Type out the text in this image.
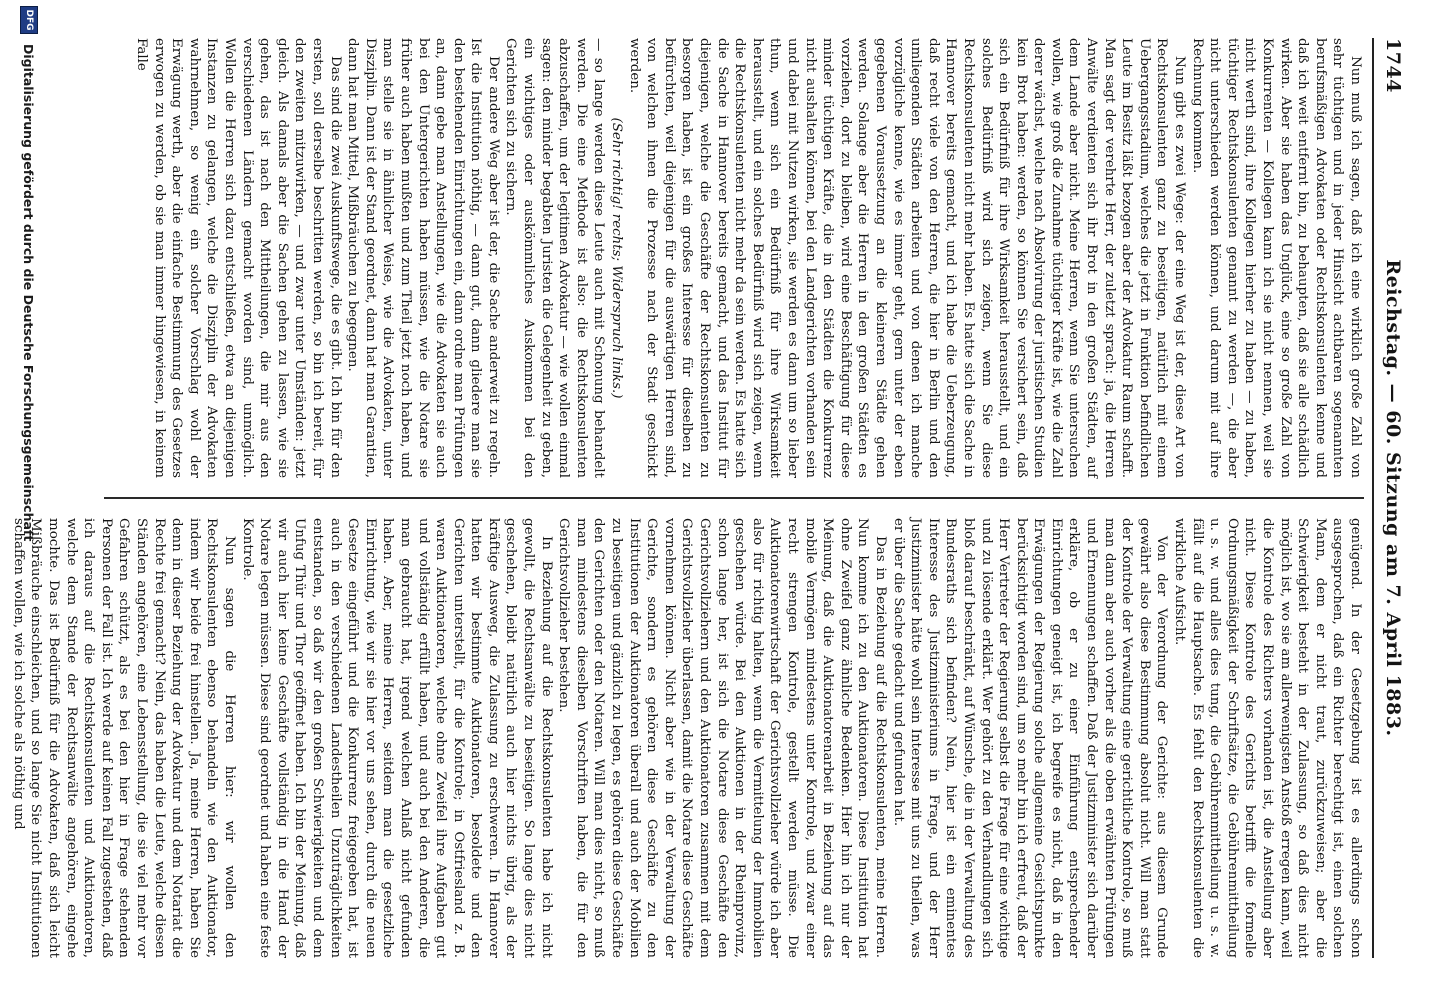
1744
Reichstag. — 60. Sitzung am 7. April 1883.

Nun muß ich sagen, daß ich eine wirklich große Zahl von sehr tüchtigen und in jeder Hinsicht achtbaren sogenannten berufsmäßigen Advokaten oder Rechtskonsulenten kenne und daß ich weit entfernt bin, zu behaupten, daß sie alle schädlich wirken. Aber sie haben das Unglück, eine so große Zahl von Konkurrenten — Kollegen kann ich sie nicht nennen, weil sie nicht werth sind, ihre Kollegen hierher zu haben — zu haben, tüchtiger Rechtskonsulenten genannt zu werden —, die aber nicht unterschieden werden können, und darum mit auf ihre Rechnung kommen.

Nun gibt es zwei Wege: der eine Weg ist der, diese Art von Rechtskonsulenten ganz zu beseitigen, natürlich mit einem Uebergangsstadium, welches die jetzt in Funktion befindlichen Leute im Besitz läßt bezogen aber der Advokatur Raum schafft. Man sagt der verehrte Herr, der zuletzt sprach: ja, die Herren Anwälte verdienten sich ihr Brot in den großen Städten, auf dem Lande aber nicht. Meine Herren, wenn Sie untersuchen wollen, wie groß die Zunahme tüchtiger Kräfte ist, wie die Zahl derer wächst, welche nach Absolvirung der juristischen Studien kein Brot haben: werden, so können Sie versichert sein, daß sich ein Bedürfniß für ihre Wirksamkeit herausstellt, und ein solches Bedürfniß wird sich zeigen, wenn Sie diese Rechtskonsulenten nicht mehr haben. Es hatte sich die Sache in Hannover bereits gemacht, und ich habe die Ueberzeugung, daß recht viele von den Herren, die hier in Berlin und den umliegenden Städten arbeiten und von denen ich manche vorzügliche kenne, wie es immer geht, gern unter der eben gegebenen Voraussetzung an die kleineren Städte gehen werden. Solange aber die Herren in den großen Städten es vorziehen, dort zu bleiben, wird eine Beschäftigung für diese minder tüchtigen Kräfte, die in den Städten die Konkurrenz nicht aushalten können, bei den Landgerichten vorhanden sein und dabei mit Nutzen wirken, sie werden es dann um so lieber thun, wenn sich ein Bedürfniß für ihre Wirksamkeit herausstellt, und ein solches Bedürfniß wird sich zeigen, wenn die Rechtskonsulenten nicht mehr da sein werden. Es hatte sich die Sache in Hannover bereits gemacht, und das Institut für diejenigen, welche die Geschäfte der Rechtskonsulenten zu besorgen haben, ist ein großes Interesse für dieselben zu befürchten, weil diejenigen für die auswärtigen Herren sind, von welchen ihnen die Prozesse nach der Stadt geschickt werden.

(Sehr richtig! rechts; Widerspruch links.)

— so lange werden diese Leute auch mit Schonung behandelt werden. Die eine Methode ist also: die Rechtskonsulenten abzuschaffen, um der legitimen Advokatur — wie wollen einmal sagen: den minder begabten Juristen die Gelegenheit zu geben, ein wichtiges oder auskömmliches Auskommen bei den Gerichten sich zu sichern.

Der andere Weg aber ist der, die Sache anderweit zu regeln. Ist die Institution nöthig, — dann gut, dann gliedere man sie den bestehenden Einrichtungen ein, dann ordne man Prüfungen an, dann gebe man Anstellungen, wie die Advokaten sie auch bei den Untergerichten haben müssen, wie die Notare sie früher auch haben mußten und zum Theil jetzt noch haben, und man stelle sie in ähnlicher Weise, wie die Advokaten, unter Disziplin. Dann ist der Stand geordnet, dann hat man Garantien, dann hat man Mittel, Mißbräuchen zu begegnen.

Das sind die zwei Auskunftswege, die es gibt. Ich bin für den ersten, soll derselbe beschritten werden, so bin ich bereit, für den zweiten mitzuwirken, — und zwar unter Umständen: jetzt gleich. Als damals aber die Sachen gehen zu lassen, wie sie gehen, das ist nach den Mittheilungen, die mir aus den verschiedenen Ländern gemacht worden sind, unmöglich. Wollen die Herren sich dazu entschließen, etwa an diejenigen Instanzen zu gelangen, welche die Disziplin der Advokaten wahrnehmen, so wenig ein solcher Vorschlag wohl der Erwägung werth, aber die einfache Bestimmung des Gesetzes erwogen zu werden, ob sie man immer hingewiesen, in keinem Falle

genügend. In der Gesetzgebung ist es allerdings schon ausgesprochen, daß ein Richter berechtigt ist, einen solchen Mann, dem er nicht traut, zurückzuweisen; aber die Schwierigkeit besteht in der Zulassung, so daß dies nicht möglich ist, wo sie am allerwenigsten Anstoß erregen kann, weil die Kontrole des Richters vorhanden ist, die Anstellung aber nicht. Diese Kontrole des Gerichts betrifft die formelle Ordnungsmäßigkeit der Schriftsätze, die Gebührenmittheilung u. s. w. und alles dies tung, die Gebührenmittheilung u. s. w. fällt auf die Hauptsache. Es fehlt den Rechtskonsulenten die wirkliche Aufsicht.

Von der Verordnung der Gerichte: aus diesem Grunde gewährt also diese Bestimmung absolut nicht. Will man statt der Kontrole der Verwaltung eine gerichtliche Kontrole, so muß man dann aber auch vorher als die oben erwähnten Prüfungen und Ernennungen schaffen. Daß der Justizminister sich darüber erkläre, ob er zu einer Einführung entsprechender Einrichtungen geneigt ist, ich begreife es nicht, daß in den Erwägungen der Regierung solche allgemeine Gesichtspunkte berücksichtigt worden sind, um so mehr bin ich erfreut, daß der Herr Vertreter der Regierung selbst die Frage für eine wichtige und zu lösende erklärt. Wer gehört zu den Verhandlungen sich bloß darauf beschränkt, auf Wünsche, die in der Verwaltung des Bundesraths sich befinden? Nein, hier ist ein eminentes Interesse des Justizministeriums in Frage, und der Herr Justizminister hätte wohl sein Interesse mit uns zu theilen, was er über die Sache gedacht und gefunden hat.

Das in Beziehung auf die Rechtskonsulenten, meine Herren. Nun komme ich zu den Auktionatoren. Diese Institution hat ohne Zweifel ganz ähnliche Bedenken. Hier hin ich nur der Meinung, daß die Auktionatorenarbeit in Beziehung auf das mobile Vermögen mindestens unter Kontrole, und zwar einer recht strengen Kontrole, gestellt werden müsse. Die Auktionatorenwirtschaft der Gerichtsvollzieher würde ich aber also für richtig halten, wenn die Vermittelung der Immobilien geschehen würde. Bei den Auktionen in der Rheinprovinz, schon lange her, ist sich die Notare diese Geschäfte den Gerichtsvollziehern und den Auktionatoren zusammen mit dem Gerichtsvollzieher überlassen, damit die Notare diese Geschäfte vornehmen können. Nicht aber wie in der Verwaltung der Gerichte, sondern es gehören diese Geschäfte zu den Institutionen der Auktionatoren überall und auch der Mobilien zu beseitigen und gänzlich zu legen, es gehören diese Geschäfte den Gerichten oder den Notaren. Will man dies nicht, so muß man mindestens dieselben Vorschriften haben, die für den Gerichtsvollzieher bestehen.

In Beziehung auf die Rechtskonsulenten habe ich nicht gewollt, die Rechtsanwälte zu beseitigen. So lange dies nicht geschehen, bleibt natürlich auch hier nichts übrig, als der kräftige Ausweg, die Zulassung zu erschweren. In Hannover hatten wir bestimmte Auktionatoren, besoldete und den Gerichten unterstellt, für die Kontrole; in Ostfriesland z. B. waren Auktionatoren, welche ohne Zweifel ihre Aufgaben gut und vollständig erfüllt haben, und auch bei den Anderen, die man gebraucht hat, irgend welchen Anlaß nicht gefunden haben. Aber, meine Herren, seitdem man die gesetzliche Einrichtung, wie wir sie hier vor uns sehen, durch die neuen Gesetze eingeführt und die Konkurrenz freigegeben hat, ist auch in den verschiedenen Landestheilen Unzuträglichkeiten entstanden, so daß wir den großen Schwierigkeiten und dem Unfug Thür und Thor geöffnet haben. Ich bin der Meinung, daß wir auch hier keine Geschäfte vollständig in die Hand der Notare legen müssen. Diese sind geordnet und haben eine feste Kontrole.

Nun sagen die Herren hier: wir wollen den Rechtskonsulenten ebenso behandeln wie den Auktionator, indem wir beide frei hinstellen. Ja, meine Herren, haben Sie denn in dieser Beziehung der Advokatur und dem Notariat die Rechte frei gemacht? Nein, das haben die Leute, welche diesen Ständen angehören, eine Lebensstellung, die sie viel mehr vor Gefahren schützt, als es bei den hier in Frage stehenden Personen der Fall ist. Ich werde auf keinen Fall zugestehen, daß ich daraus auf die Rechtskonsulenten und Auktionatoren, welche dem Stande der Rechtsanwälte angehören, eingehe mochte. Das ist Bedürfniß für die Advokaten, daß sich leicht Mißbräuche einschleichen, und so lange Sie nicht Institutionen schaffen wollen, wie ich solche als nöthig und

DFG
Digitalisierung gefördert durch die Deutsche Forschungsgemeinschaft
